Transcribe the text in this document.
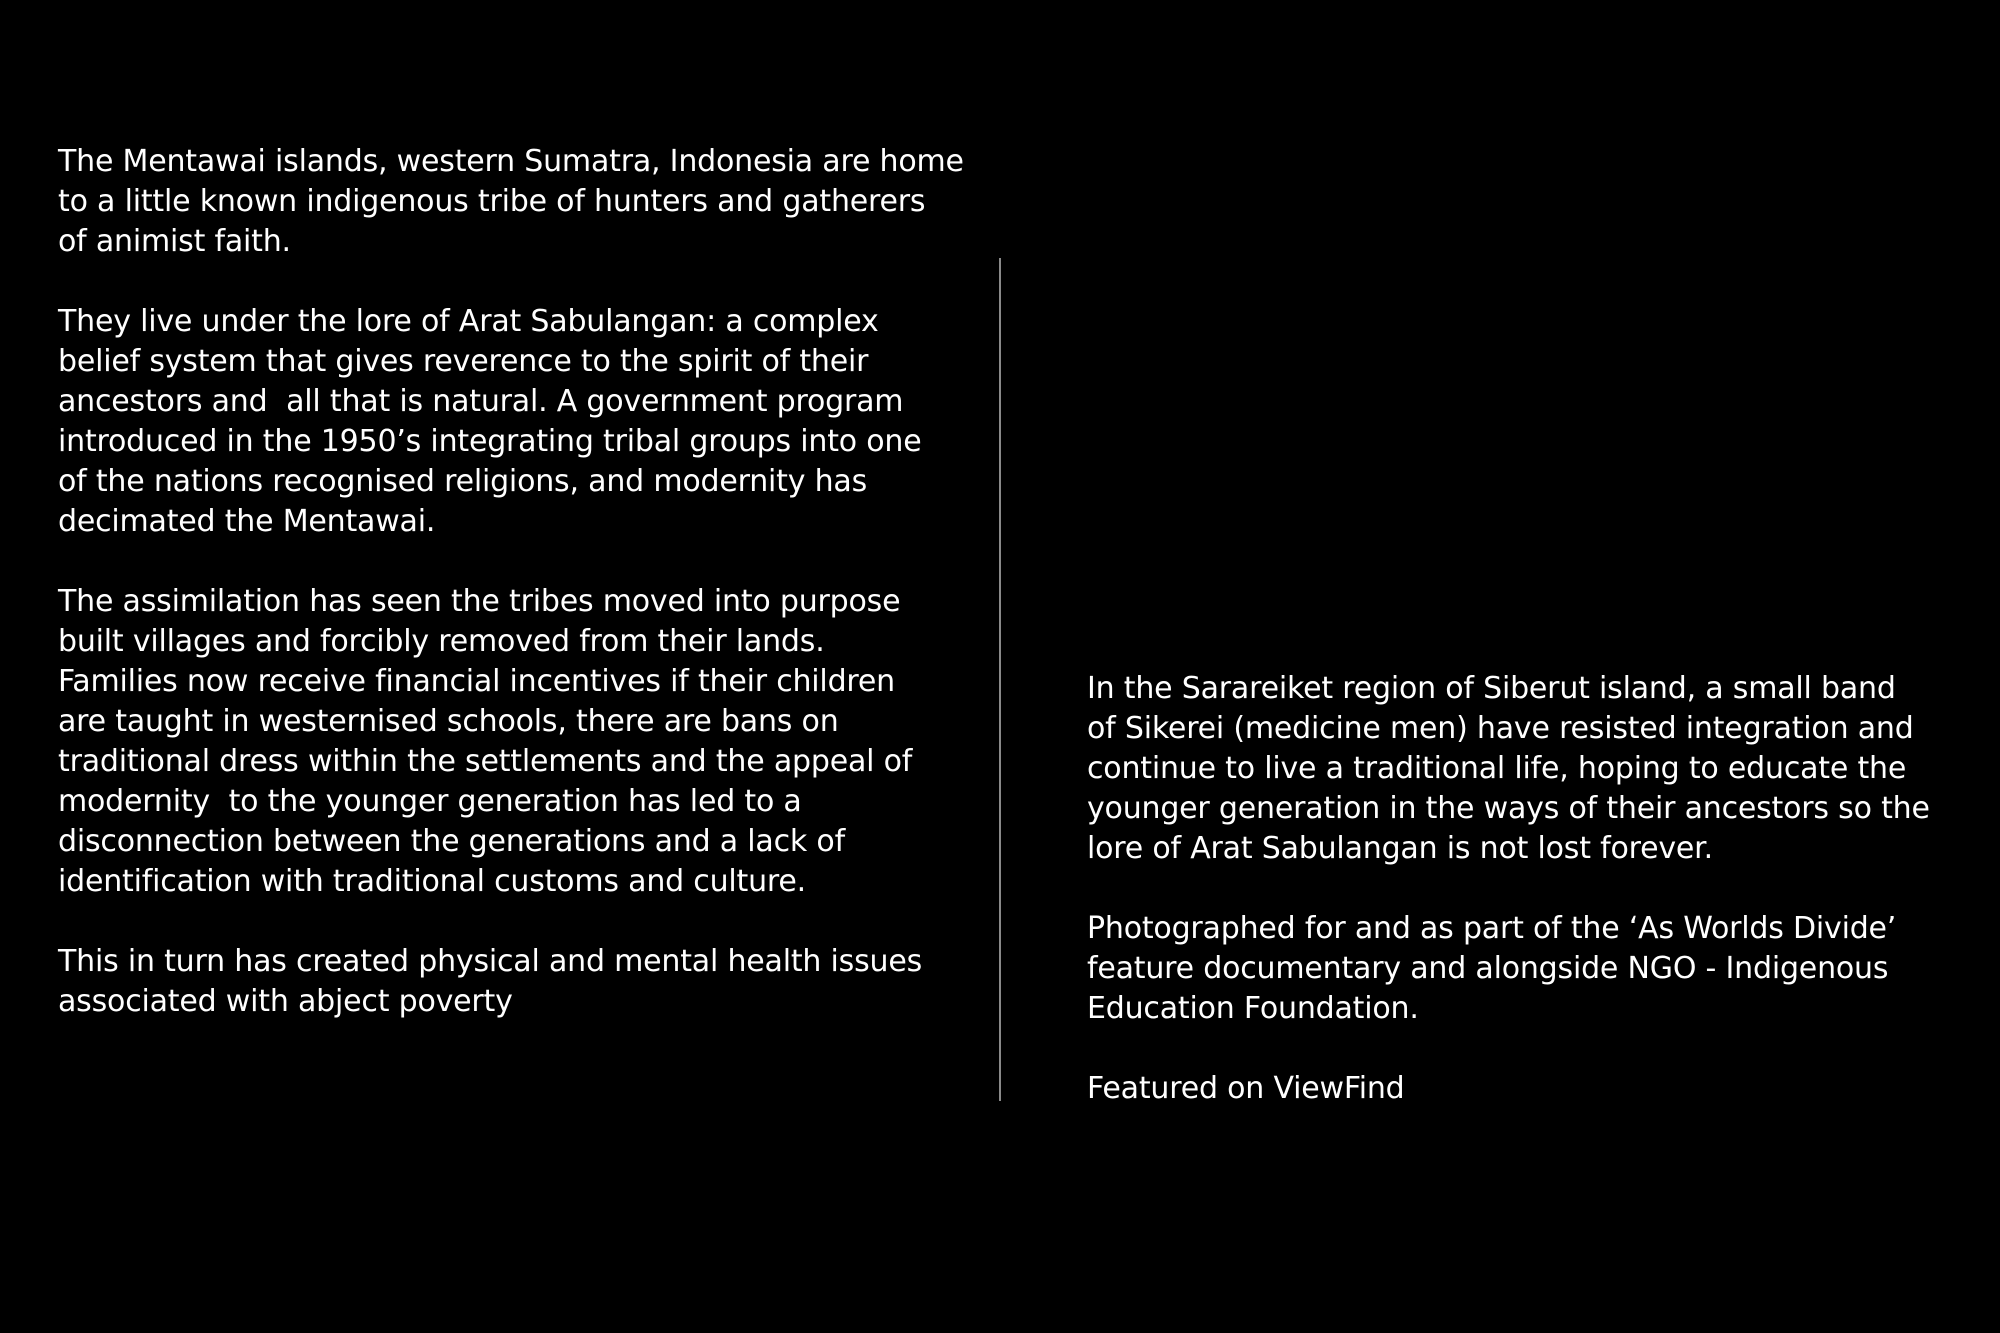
The Mentawai islands, western Sumatra, Indonesia are home
to a little known indigenous tribe of hunters and gatherers
of animist faith.

They live under the lore of Arat Sabulangan: a complex
belief system that gives reverence to the spirit of their
ancestors and  all that is natural. A government program
introduced in the 1950’s integrating tribal groups into one
of the nations recognised religions, and modernity has
decimated the Mentawai.

The assimilation has seen the tribes moved into purpose
built villages and forcibly removed from their lands.
Families now receive financial incentives if their children
are taught in westernised schools, there are bans on
traditional dress within the settlements and the appeal of
modernity  to the younger generation has led to a
disconnection between the generations and a lack of
identification with traditional customs and culture.

This in turn has created physical and mental health issues
associated with abject poverty

In the Sarareiket region of Siberut island, a small band
of Sikerei (medicine men) have resisted integration and
continue to live a traditional life, hoping to educate the
younger generation in the ways of their ancestors so the
lore of Arat Sabulangan is not lost forever.

Photographed for and as part of the ‘As Worlds Divide’
feature documentary and alongside NGO - Indigenous
Education Foundation.

Featured on ViewFind
